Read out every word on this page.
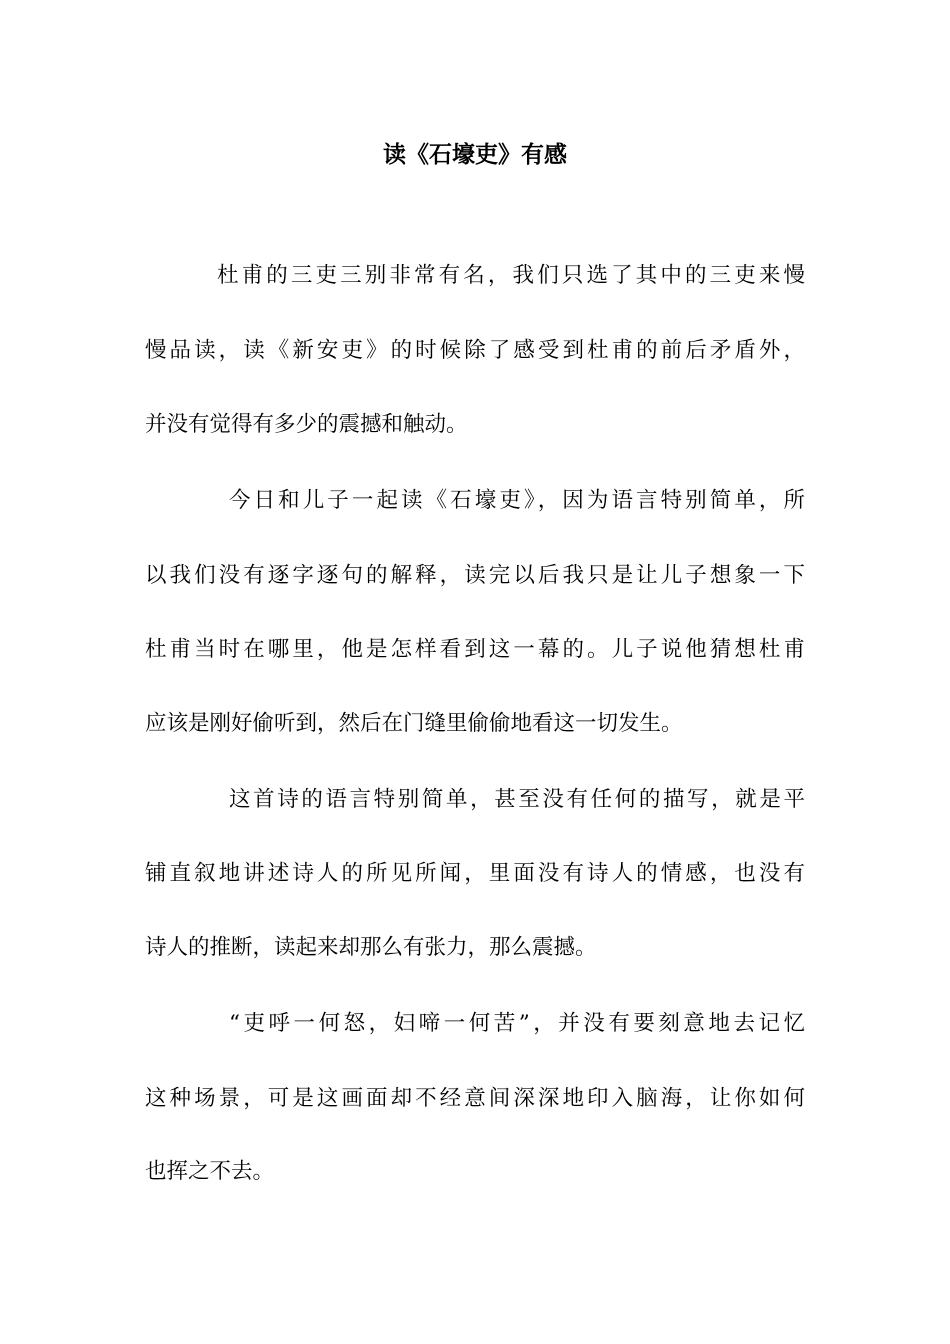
读《石壕吏》有感
杜甫的三吏三别非常有名，我们只选了其中的三吏来慢
慢品读，读《新安吏》的时候除了感受到杜甫的前后矛盾外，
并没有觉得有多少的震撼和触动。
今日和儿子一起读《石壕吏》，因为语言特别简单，所
以我们没有逐字逐句的解释，读完以后我只是让儿子想象一下
杜甫当时在哪里，他是怎样看到这一幕的。儿子说他猜想杜甫
应该是刚好偷听到，然后在门缝里偷偷地看这一切发生。
这首诗的语言特别简单，甚至没有任何的描写，就是平
铺直叙地讲述诗人的所见所闻，里面没有诗人的情感，也没有
诗人的推断，读起来却那么有张力，那么震撼。
“吏呼一何怒，妇啼一何苦”，并没有要刻意地去记忆
这种场景，可是这画面却不经意间深深地印入脑海，让你如何
也挥之不去。
